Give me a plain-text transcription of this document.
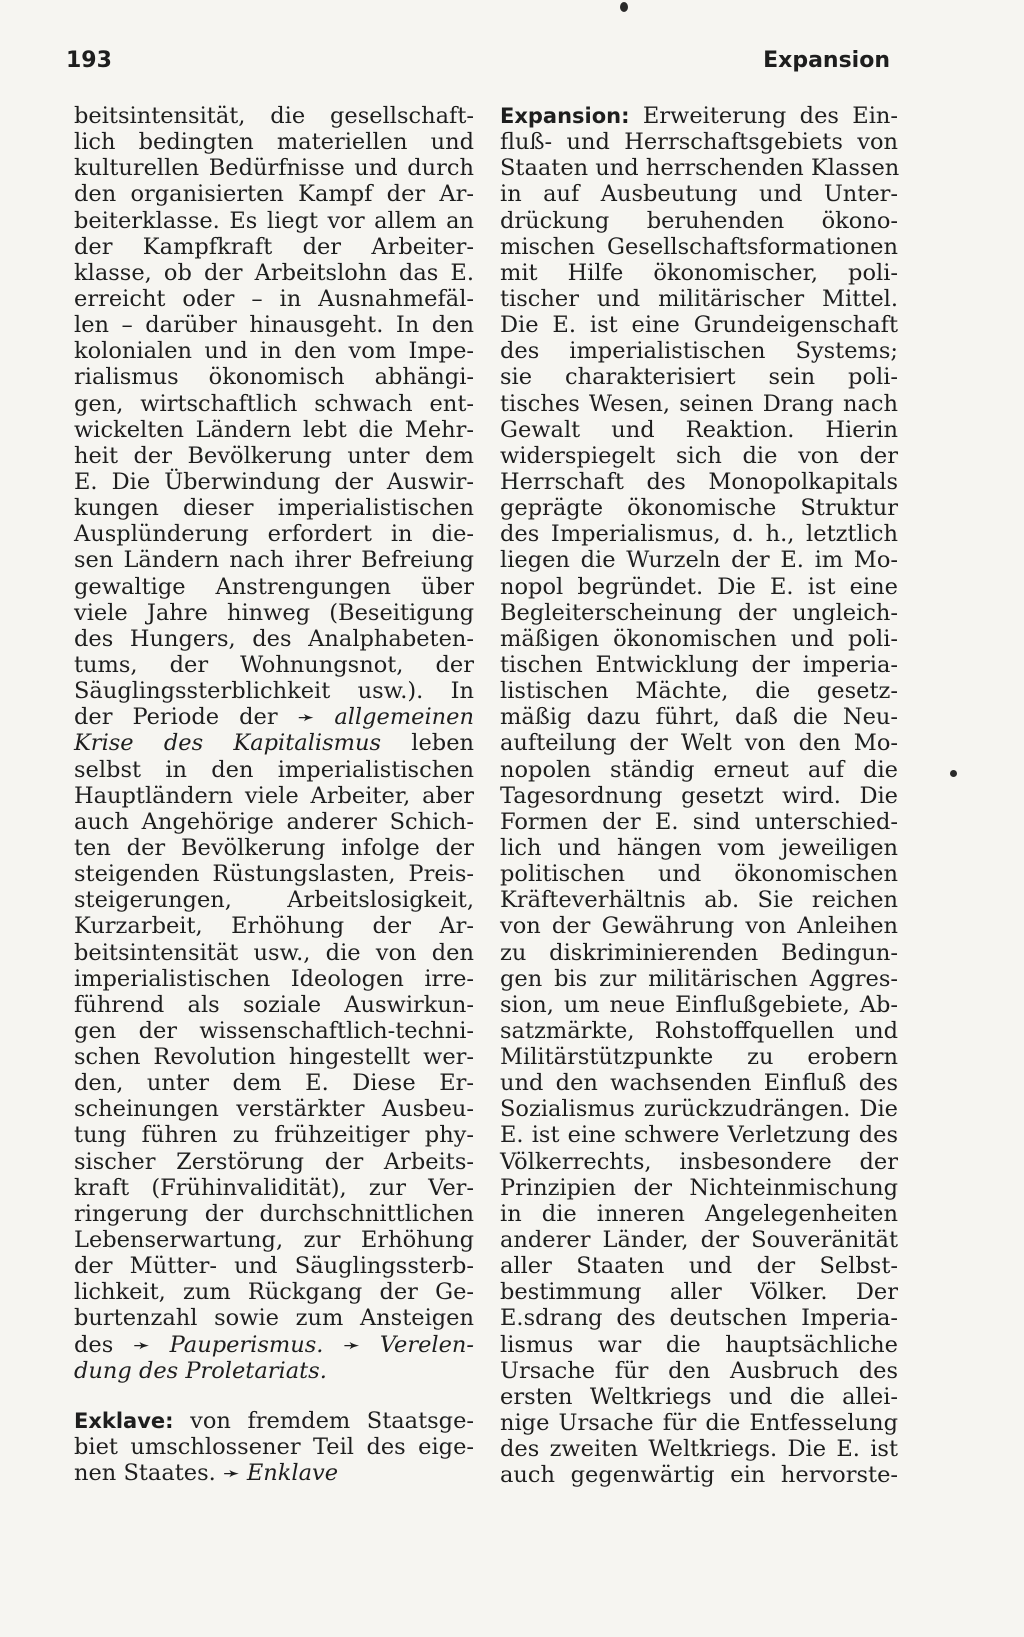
193	Expansion
beitsintensität, die gesellschaft-
lich bedingten materiellen und
kulturellen Bedürfnisse und durch
den organisierten Kampf der Ar-
beiterklasse. Es liegt vor allem an
der Kampfkraft der Arbeiter-
klasse, ob der Arbeitslohn das E.
erreicht oder – in Ausnahmefäl-
len – darüber hinausgeht. In den
kolonialen und in den vom Impe-
rialismus ökonomisch abhängi-
gen, wirtschaftlich schwach ent-
wickelten Ländern lebt die Mehr-
heit der Bevölkerung unter dem
E. Die Überwindung der Auswir-
kungen dieser imperialistischen
Ausplünderung erfordert in die-
sen Ländern nach ihrer Befreiung
gewaltige Anstrengungen über
viele Jahre hinweg (Beseitigung
des Hungers, des Analphabeten-
tums, der Wohnungsnot, der
Säuglingssterblichkeit usw.). In
der Periode der ➛ allgemeinen
Krise des Kapitalismus leben
selbst in den imperialistischen
Hauptländern viele Arbeiter, aber
auch Angehörige anderer Schich-
ten der Bevölkerung infolge der
steigenden Rüstungslasten, Preis-
steigerungen, Arbeitslosigkeit,
Kurzarbeit, Erhöhung der Ar-
beitsintensität usw., die von den
imperialistischen Ideologen irre-
führend als soziale Auswirkun-
gen der wissenschaftlich-techni-
schen Revolution hingestellt wer-
den, unter dem E. Diese Er-
scheinungen verstärkter Ausbeu-
tung führen zu frühzeitiger phy-
sischer Zerstörung der Arbeits-
kraft (Frühinvalidität), zur Ver-
ringerung der durchschnittlichen
Lebenserwartung, zur Erhöhung
der Mütter- und Säuglingssterb-
lichkeit, zum Rückgang der Ge-
burtenzahl sowie zum Ansteigen
des ➛ Pauperismus. ➛ Verelen-
dung des Proletariats.
Exklave: von fremdem Staatsge-
biet umschlossener Teil des eige-
nen Staates. ➛ Enklave
Expansion: Erweiterung des Ein-
fluß- und Herrschaftsgebiets von
Staaten und herrschenden Klassen
in auf Ausbeutung und Unter-
drückung beruhenden ökono-
mischen Gesellschaftsformationen
mit Hilfe ökonomischer, poli-
tischer und militärischer Mittel.
Die E. ist eine Grundeigenschaft
des imperialistischen Systems;
sie charakterisiert sein poli-
tisches Wesen, seinen Drang nach
Gewalt und Reaktion. Hierin
widerspiegelt sich die von der
Herrschaft des Monopolkapitals
geprägte ökonomische Struktur
des Imperialismus, d. h., letztlich
liegen die Wurzeln der E. im Mo-
nopol begründet. Die E. ist eine
Begleiterscheinung der ungleich-
mäßigen ökonomischen und poli-
tischen Entwicklung der imperia-
listischen Mächte, die gesetz-
mäßig dazu führt, daß die Neu-
aufteilung der Welt von den Mo-
nopolen ständig erneut auf die
Tagesordnung gesetzt wird. Die
Formen der E. sind unterschied-
lich und hängen vom jeweiligen
politischen und ökonomischen
Kräfteverhältnis ab. Sie reichen
von der Gewährung von Anleihen
zu diskriminierenden Bedingun-
gen bis zur militärischen Aggres-
sion, um neue Einflußgebiete, Ab-
satzmärkte, Rohstoffquellen und
Militärstützpunkte zu erobern
und den wachsenden Einfluß des
Sozialismus zurückzudrängen. Die
E. ist eine schwere Verletzung des
Völkerrechts, insbesondere der
Prinzipien der Nichteinmischung
in die inneren Angelegenheiten
anderer Länder, der Souveränität
aller Staaten und der Selbst-
bestimmung aller Völker. Der
E.sdrang des deutschen Imperia-
lismus war die hauptsächliche
Ursache für den Ausbruch des
ersten Weltkriegs und die allei-
nige Ursache für die Entfesselung
des zweiten Weltkriegs. Die E. ist
auch gegenwärtig ein hervorste-
